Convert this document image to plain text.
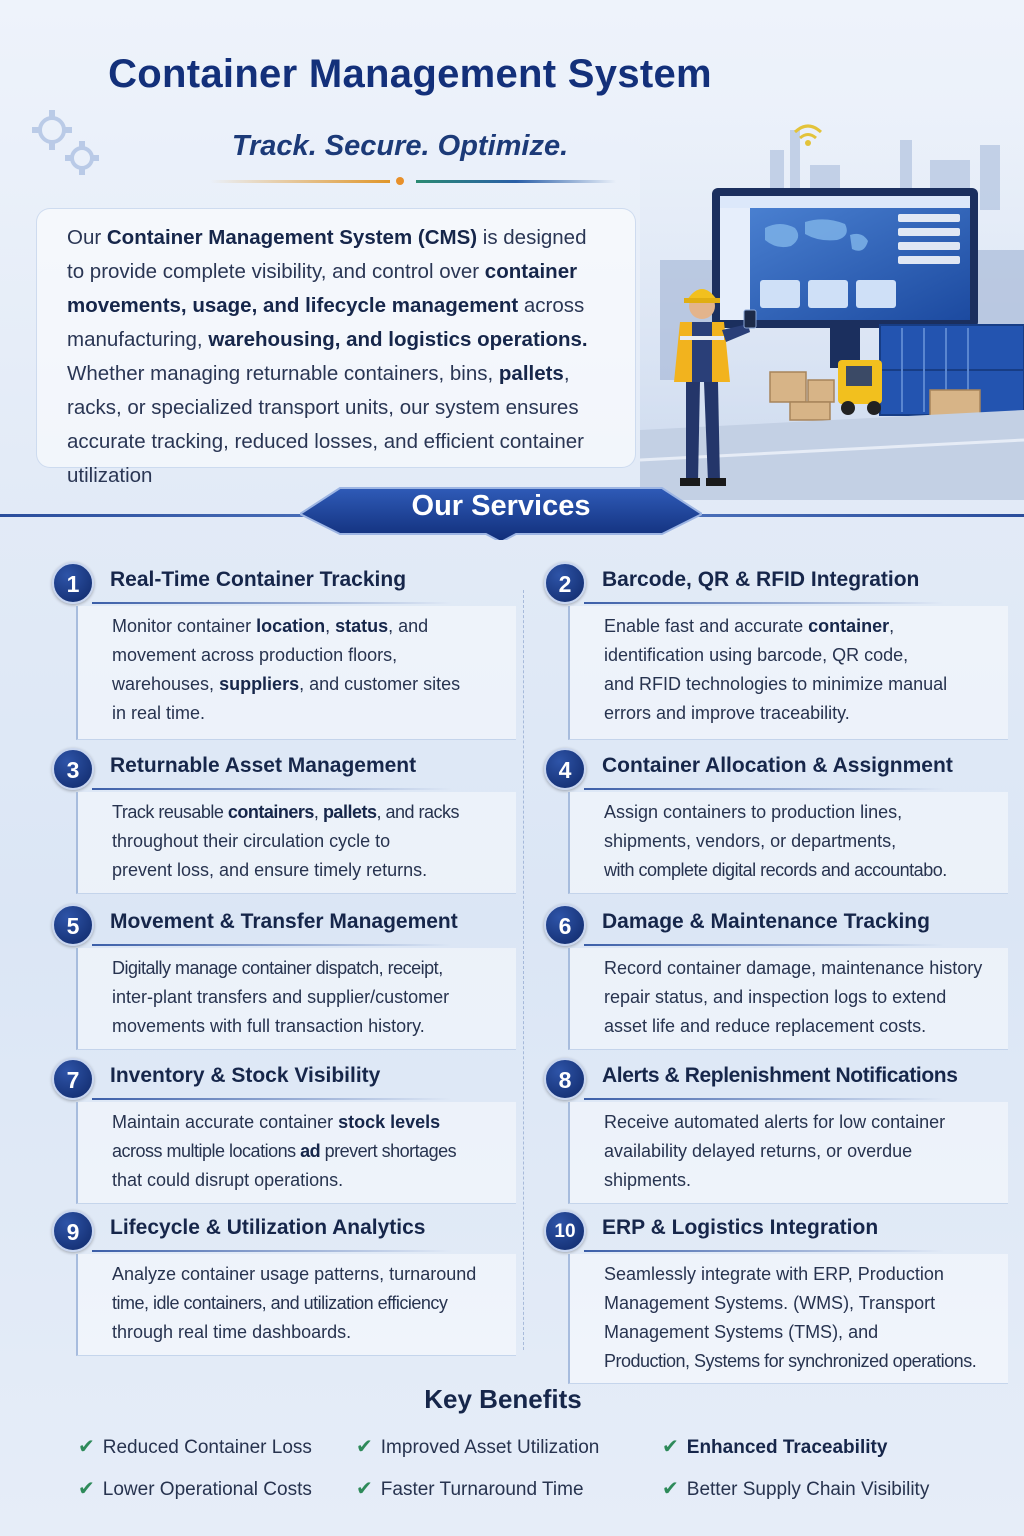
Container Management System
Track. Secure. Optimize.
Our Container Management System (CMS) is designed to provide complete visibility, and control over container movements, usage, and lifecycle management across manufacturing, warehousing, and logistics operations. Whether managing returnable containers, bins, pallets, racks, or specialized transport units, our system ensures accurate tracking, reduced losses, and efficient container utilization
Our Services
1	Real-Time Container Tracking
Monitor container location, status, and
movement across production floors,
warehouses, suppliers, and customer sites
in real time.
2	Barcode, QR & RFID Integration
Enable fast and accurate container,
identification using barcode, QR code,
and RFID technologies to minimize manual
errors and improve traceability.
3	Returnable Asset Management
Track reusable containers, pallets, and racks
throughout their circulation cycle to
prevent loss, and ensure timely returns.
4	Container Allocation & Assignment
Assign containers to production lines,
shipments, vendors, or departments,
with complete digital records and accountabo.
5	Movement & Transfer Management
Digitally manage container dispatch, receipt,
inter-plant transfers and supplier/customer
movements with full transaction history.
6	Damage & Maintenance Tracking
Record container damage, maintenance history
repair status, and inspection logs to extend
asset life and reduce replacement costs.
7	Inventory & Stock Visibility
Maintain accurate container stock levels
across multiple locations ad prevert shortages
that could disrupt operations.
8	Alerts & Replenishment Notifications
Receive automated alerts for low container
availability delayed returns, or overdue
shipments.
9	Lifecycle & Utilization Analytics
Analyze container usage patterns, turnaround
time, idle containers, and utilization efficiency
through real time dashboards.
10	ERP & Logistics Integration
Seamlessly integrate with ERP, Production
Management Systems. (WMS), Transport
Management Systems (TMS), and
Production, Systems for synchronized operations.
Key Benefits
✔ Reduced Container Loss ✔ Improved Asset Utilization	✔ Enhanced Traceability
✔ Lower Operational Costs ✔ Faster Turnaround Time	✔ Better Supply Chain Visibility
